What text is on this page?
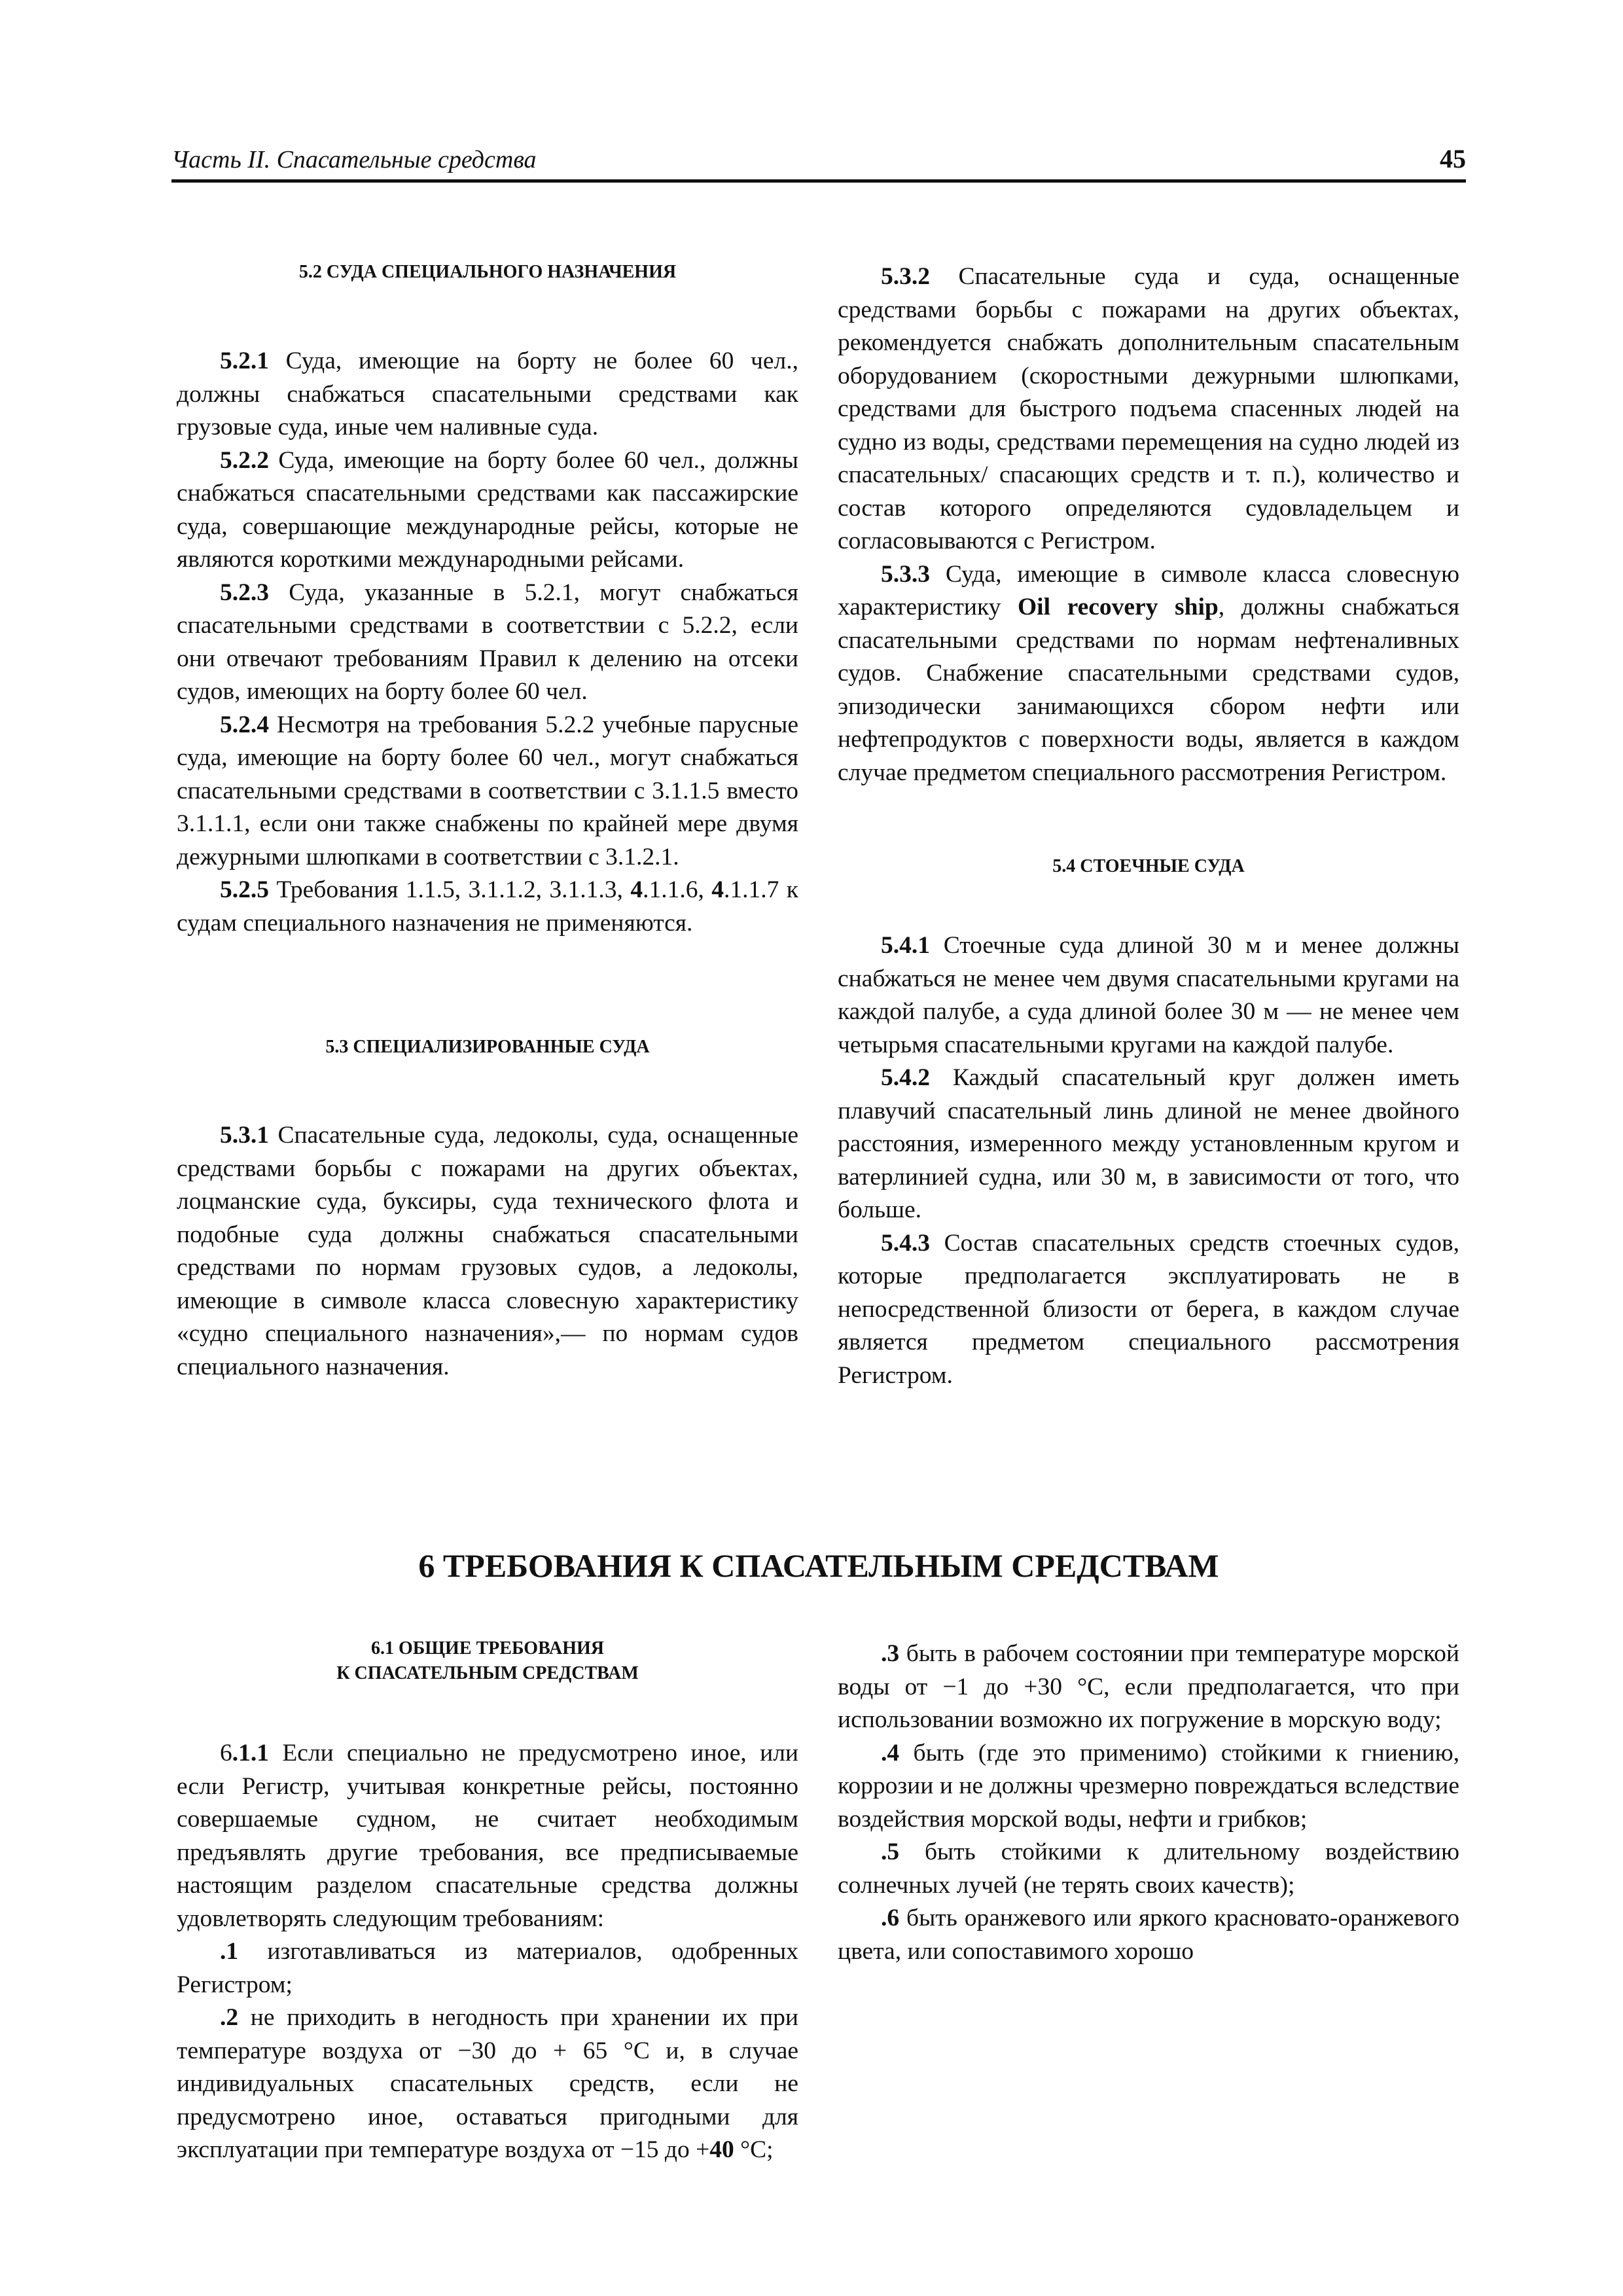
Часть II. Спасательные средства	45
5.2 СУДА СПЕЦИАЛЬНОГО НАЗНАЧЕНИЯ

5.2.1 Суда, имеющие на борту не более 60 чел., должны снабжаться спасательными средствами как грузовые суда, иные чем наливные суда.

5.2.2 Суда, имеющие на борту более 60 чел., должны снабжаться спасательными средствами как пассажирские суда, совершающие международные рейсы, которые не являются короткими международными рейсами.

5.2.3 Суда, указанные в 5.2.1, могут снабжаться спасательными средствами в соответствии с 5.2.2, если они отвечают требованиям Правил к делению на отсеки судов, имеющих на борту более 60 чел.

5.2.4 Несмотря на требования 5.2.2 учебные парусные суда, имеющие на борту более 60 чел., могут снабжаться спасательными средствами в соответствии с 3.1.1.5 вместо 3.1.1.1, если они также снабжены по крайней мере двумя дежурными шлюпками в соответствии с 3.1.2.1.

5.2.5 Требования 1.1.5, 3.1.1.2, 3.1.1.3, 4.1.1.6, 4.1.1.7 к судам специального назначения не применяются.

5.3 СПЕЦИАЛИЗИРОВАННЫЕ СУДА

5.3.1 Спасательные суда, ледоколы, суда, оснащенные средствами борьбы с пожарами на других объектах, лоцманские суда, буксиры, суда технического флота и подобные суда должны снабжаться спасательными средствами по нормам грузовых судов, а ледоколы, имеющие в символе класса словесную характеристику «судно специального назначения»,— по нормам судов специального назначения.

5.3.2 Спасательные суда и суда, оснащенные средствами борьбы с пожарами на других объектах, рекомендуется снабжать дополнительным спасательным оборудованием (скоростными дежурными шлюпками, средствами для быстрого подъема спасенных людей на судно из воды, средствами перемещения на судно людей из спасательных/ спасающих средств и т. п.), количество и состав которого определяются судовладельцем и согласовываются с Регистром.

5.3.3 Суда, имеющие в символе класса словесную характеристику Oil recovery ship, должны снабжаться спасательными средствами по нормам нефтеналивных судов. Снабжение спасательными средствами судов, эпизодически занимающихся сбором нефти или нефтепродуктов с поверхности воды, является в каждом случае предметом специального рассмотрения Регистром.

5.4 СТОЕЧНЫЕ СУДА

5.4.1 Стоечные суда длиной 30 м и менее должны снабжаться не менее чем двумя спасательными кругами на каждой палубе, а суда длиной более 30 м — не менее чем четырьмя спасательными кругами на каждой палубе.

5.4.2 Каждый спасательный круг должен иметь плавучий спасательный линь длиной не менее двойного расстояния, измеренного между установленным кругом и ватерлинией судна, или 30 м, в зависимости от того, что больше.

5.4.3 Состав спасательных средств стоечных судов, которые предполагается эксплуатировать не в непосредственной близости от берега, в каждом случае является предметом специального рассмотрения Регистром.

6 ТРЕБОВАНИЯ К СПАСАТЕЛЬНЫМ СРЕДСТВАМ
6.1 ОБЩИЕ ТРЕБОВАНИЯ
К СПАСАТЕЛЬНЫМ СРЕДСТВАМ

6.1.1 Если специально не предусмотрено иное, или если Регистр, учитывая конкретные рейсы, постоянно совершаемые судном, не считает необходимым предъявлять другие требования, все предписываемые настоящим разделом спасательные средства должны удовлетворять следующим требованиям:

.1 изготавливаться из материалов, одобренных Регистром;

.2 не приходить в негодность при хранении их при температуре воздуха от −30 до + 65 °С и, в случае индивидуальных спасательных средств, если не предусмотрено иное, оставаться пригодными для эксплуатации при температуре воздуха от −15 до +40 °С;

.3 быть в рабочем состоянии при температуре морской воды от −1 до +30 °С, если предполагается, что при использовании возможно их погружение в морскую воду;

.4 быть (где это применимо) стойкими к гниению, коррозии и не должны чрезмерно повреждаться вследствие воздействия морской воды, нефти и грибков;

.5 быть стойкими к длительному воздействию солнечных лучей (не терять своих качеств);

.6 быть оранжевого или яркого красновато-оранжевого цвета, или сопоставимого хорошо
